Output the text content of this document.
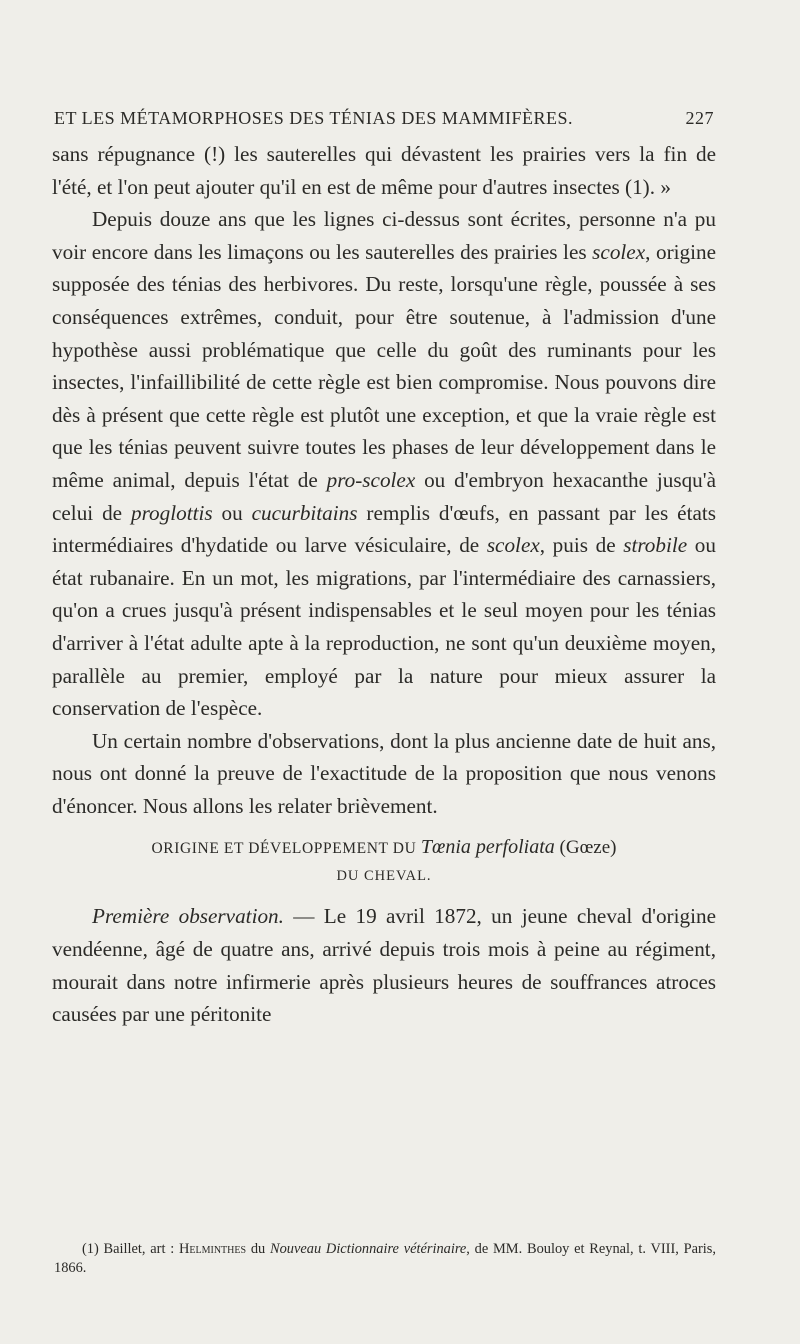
ET LES MÉTAMORPHOSES DES TÉNIAS DES MAMMIFÈRES.	227

sans répugnance (!) les sauterelles qui dévastent les prairies vers la fin de l'été, et l'on peut ajouter qu'il en est de même pour d'autres insectes (1). »

Depuis douze ans que les lignes ci-dessus sont écrites, personne n'a pu voir encore dans les limaçons ou les sauterelles des prairies les scolex, origine supposée des ténias des herbivores. Du reste, lorsqu'une règle, poussée à ses conséquences extrêmes, conduit, pour être soutenue, à l'admission d'une hypothèse aussi problématique que celle du goût des ruminants pour les insectes, l'infaillibilité de cette règle est bien compromise. Nous pouvons dire dès à présent que cette règle est plutôt une exception, et que la vraie règle est que les ténias peuvent suivre toutes les phases de leur développement dans le même animal, depuis l'état de pro-scolex ou d'embryon hexacanthe jusqu'à celui de proglottis ou cucurbitains remplis d'œufs, en passant par les états intermédiaires d'hydatide ou larve vésiculaire, de scolex, puis de strobile ou état rubanaire. En un mot, les migrations, par l'intermédiaire des carnassiers, qu'on a crues jusqu'à présent indispensables et le seul moyen pour les ténias d'arriver à l'état adulte apte à la reproduction, ne sont qu'un deuxième moyen, parallèle au premier, employé par la nature pour mieux assurer la conservation de l'espèce.

Un certain nombre d'observations, dont la plus ancienne date de huit ans, nous ont donné la preuve de l'exactitude de la proposition que nous venons d'énoncer. Nous allons les relater brièvement.

ORIGINE ET DÉVELOPPEMENT DU Tœnia perfoliata (Gœze)
DU CHEVAL.

Première observation. — Le 19 avril 1872, un jeune cheval d'origine vendéenne, âgé de quatre ans, arrivé depuis trois mois à peine au régiment, mourait dans notre infirmerie après plusieurs heures de souffrances atroces causées par une péritonite

(1) Baillet, art : Helminthes du Nouveau Dictionnaire vétérinaire, de MM. Bouloy et Reynal, t. VIII, Paris, 1866.
